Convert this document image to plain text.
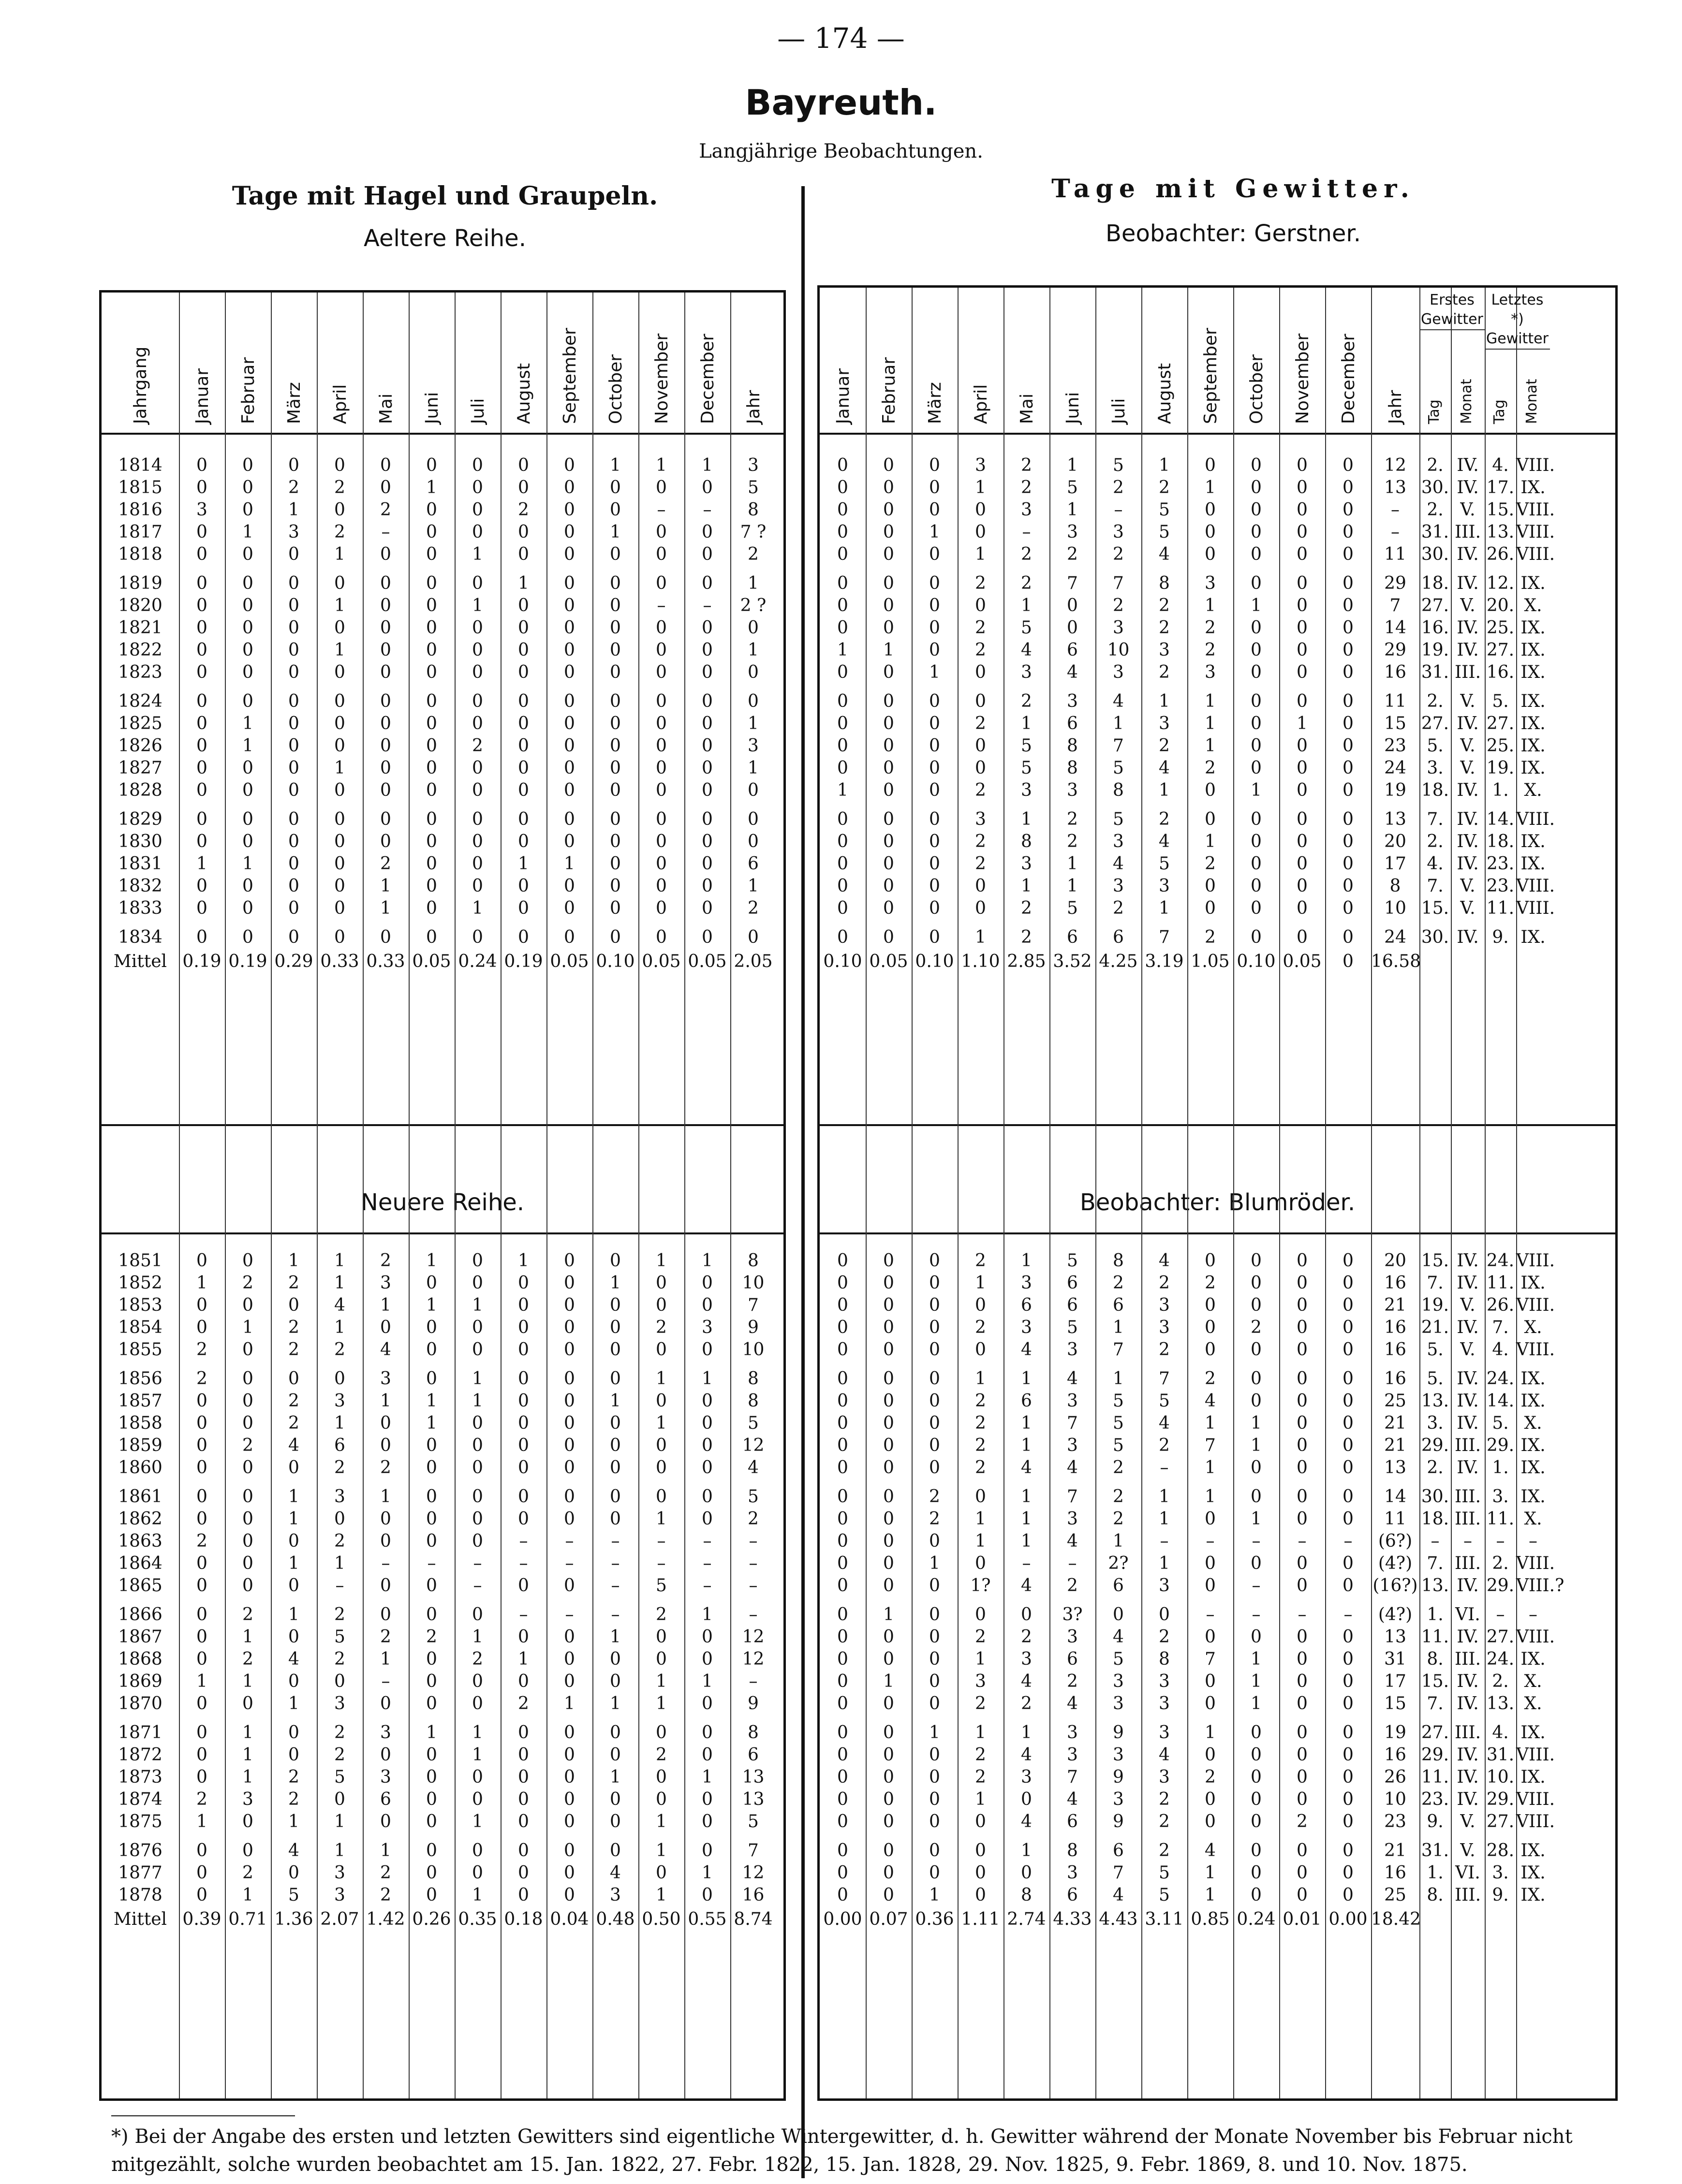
— 174 —
Bayreuth.
Langjährige Beobachtungen.
Tage mit Hagel und Graupeln.
Aeltere Reihe.
Tage mit Gewitter.
Beobachter: Gerstner.
Neuere Reihe.
Jahrgang Januar Februar März April Mai Juni Juli August September October November December Jahr
1814	0	0	0	0	0	0	0	0	0	1	1	1	3
1815	0	0	2	2	0	1	0	0	0	0	0	0	5
1816	3	0	1	0	2	0	0	2	0	0	–	–	8
1817	0	1	3	2	–	0	0	0	0	1	0	0	7 ?
1818	0	0	0	1	0	0	1	0	0	0	0	0	2
1819	0	0	0	0	0	0	0	1	0	0	0	0	1
1820	0	0	0	1	0	0	1	0	0	0	–	–	2 ?
1821	0	0	0	0	0	0	0	0	0	0	0	0	0
1822	0	0	0	1	0	0	0	0	0	0	0	0	1
1823	0	0	0	0	0	0	0	0	0	0	0	0	0
1824	0	0	0	0	0	0	0	0	0	0	0	0	0
1825	0	1	0	0	0	0	0	0	0	0	0	0	1
1826	0	1	0	0	0	0	2	0	0	0	0	0	3
1827	0	0	0	1	0	0	0	0	0	0	0	0	1
1828	0	0	0	0	0	0	0	0	0	0	0	0	0
1829	0	0	0	0	0	0	0	0	0	0	0	0	0
1830	0	0	0	0	0	0	0	0	0	0	0	0	0
1831	1	1	0	0	2	0	0	1	1	0	0	0	6
1832	0	0	0	0	1	0	0	0	0	0	0	0	1
1833	0	0	0	0	1	0	1	0	0	0	0	0	2
1834	0	0	0	0	0	0	0	0	0	0	0	0	0
Mittel 0.19 0.19 0.29 0.33 0.33 0.05 0.24 0.19 0.05 0.10 0.05 0.05 2.05
1851	0	0	1	1	2	1	0	1	0	0	1	1	8
1852	1	2	2	1	3	0	0	0	0	1	0	0	10
1853	0	0	0	4	1	1	1	0	0	0	0	0	7
1854	0	1	2	1	0	0	0	0	0	0	2	3	9
1855	2	0	2	2	4	0	0	0	0	0	0	0	10
1856	2	0	0	0	3	0	1	0	0	0	1	1	8
1857	0	0	2	3	1	1	1	0	0	1	0	0	8
1858	0	0	2	1	0	1	0	0	0	0	1	0	5
1859	0	2	4	6	0	0	0	0	0	0	0	0	12
1860	0	0	0	2	2	0	0	0	0	0	0	0	4
1861	0	0	1	3	1	0	0	0	0	0	0	0	5
1862	0	0	1	0	0	0	0	0	0	0	1	0	2
1863	2	0	0	2	0	0	0	–	–	–	–	–	–
1864	0	0	1	1	–	–	–	–	–	–	–	–	–
1865	0	0	0	–	0	0	–	0	0	–	5	–	–
1866	0	2	1	2	0	0	0	–	–	–	2	1	–
1867	0	1	0	5	2	2	1	0	0	1	0	0	12
1868	0	2	4	2	1	0	2	1	0	0	0	0	12
1869	1	1	0	0	–	0	0	0	0	0	1	1	–
1870	0	0	1	3	0	0	0	2	1	1	1	0	9
1871	0	1	0	2	3	1	1	0	0	0	0	0	8
1872	0	1	0	2	0	0	1	0	0	0	2	0	6
1873	0	1	2	5	3	0	0	0	0	1	0	1	13
1874	2	3	2	0	6	0	0	0	0	0	0	0	13
1875	1	0	1	1	0	0	1	0	0	0	1	0	5
1876	0	0	4	1	1	0	0	0	0	0	1	0	7
1877	0	2	0	3	2	0	0	0	0	4	0	1	12
1878	0	1	5	3	2	0	1	0	0	3	1	0	16
Mittel 0.39 0.71 1.36 2.07 1.42 0.26 0.35 0.18 0.04 0.48 0.50 0.55 8.74
Beobachter: Blumröder.
Januar Februar März April Mai Juni Juli August September October November December Jahr Tag Monat Tag Monat
0	0	0	3	2	1	5	1	0	0	0	0	12	2. IV. 4. VIII.
0	0	0	1	2	5	2	2	1	0	0	0	13 30. IV. 17. IX.
0	0	0	0	3	1	–	5	0	0	0	0	–	2. V. 15. VIII.
0	0	1	0	–	3	3	5	0	0	0	0	–	31. III. 13. VIII.
0	0	0	1	2	2	2	4	0	0	0	0	11 30. IV. 26. VIII.
0	0	0	2	2	7	7	8	3	0	0	0	29 18. IV. 12. IX.
0	0	0	0	1	0	2	2	1	1	0	0	7	27. V. 20. X.
0	0	0	2	5	0	3	2	2	0	0	0	14 16. IV. 25. IX.
1	1	0	2	4	6	10	3	2	0	0	0	29 19. IV. 27. IX.
0	0	1	0	3	4	3	2	3	0	0	0	16 31. III. 16. IX.
0	0	0	0	2	3	4	1	1	0	0	0	11	2. V. 5. IX.
0	0	0	2	1	6	1	3	1	0	1	0	15 27. IV. 27. IX.
0	0	0	0	5	8	7	2	1	0	0	0	23	5. V. 25. IX.
0	0	0	0	5	8	5	4	2	0	0	0	24	3. V. 19. IX.
1	0	0	2	3	3	8	1	0	1	0	0	19 18. IV. 1. X.
0	0	0	3	1	2	5	2	0	0	0	0	13	7. IV. 14. VIII.
0	0	0	2	8	2	3	4	1	0	0	0	20	2. IV. 18. IX.
0	0	0	2	3	1	4	5	2	0	0	0	17	4. IV. 23. IX.
0	0	0	0	1	1	3	3	0	0	0	0	8	7. V. 23. VIII.
0	0	0	0	2	5	2	1	0	0	0	0	10 15. V. 11. VIII.
0	0	0	1	2	6	6	7	2	0	0	0	24 30. IV. 9. IX.
0.10 0.05 0.10 1.10 2.85 3.52 4.25 3.19 1.05 0.10 0.05	0	16.58
0	0	0	2	1	5	8	4	0	0	0	0	20 15. IV. 24. VIII.
0	0	0	1	3	6	2	2	2	0	0	0	16	7. IV. 11. IX.
0	0	0	0	6	6	6	3	0	0	0	0	21 19. V. 26. VIII.
0	0	0	2	3	5	1	3	0	2	0	0	16 21. IV. 7. X.
0	0	0	0	4	3	7	2	0	0	0	0	16	5. V. 4. VIII.
0	0	0	1	1	4	1	7	2	0	0	0	16	5. IV. 24. IX.
0	0	0	2	6	3	5	5	4	0	0	0	25 13. IV. 14. IX.
0	0	0	2	1	7	5	4	1	1	0	0	21	3. IV. 5. X.
0	0	0	2	1	3	5	2	7	1	0	0	21 29. III. 29. IX.
0	0	0	2	4	4	2	–	1	0	0	0	13	2. IV. 1. IX.
0	0	2	0	1	7	2	1	1	0	0	0	14 30. III. 3. IX.
0	0	2	1	1	3	2	1	0	1	0	0	11 18. III. 11. X.
0	0	0	1	1	4	1	–	–	–	–	–	(6?)	–	–	–	–
0	0	1	0	–	–	2?	1	0	0	0	0	(4?) 7. III. 2. VIII.
0	0	0	1?	4	2	6	3	0	–	0	0	(16?) 13. IV. 29. VIII.?
0	1	0	0	0	3?	0	0	–	–	–	–	(4?) 1. VI. –	–
0	0	0	2	2	3	4	2	0	0	0	0	13 11. IV. 27. VIII.
0	0	0	1	3	6	5	8	7	1	0	0	31	8. III. 24. IX.
0	1	0	3	4	2	3	3	0	1	0	0	17 15. IV. 2. X.
0	0	0	2	2	4	3	3	0	1	0	0	15	7. IV. 13. X.
0	0	1	1	1	3	9	3	1	0	0	0	19 27. III. 4. IX.
0	0	0	2	4	3	3	4	0	0	0	0	16 29. IV. 31. VIII.
0	0	0	2	3	7	9	3	2	0	0	0	26 11. IV. 10. IX.
0	0	0	1	0	4	3	2	0	0	0	0	10 23. IV. 29. VIII.
0	0	0	0	4	6	9	2	0	0	2	0	23	9. V. 27. VIII.
0	0	0	0	1	8	6	2	4	0	0	0	21 31. V. 28. IX.
0	0	0	0	0	3	7	5	1	0	0	0	16	1. VI. 3. IX.
0	0	1	0	8	6	4	5	1	0	0	0	25	8. III. 9. IX.
0.00 0.07 0.36 1.11 2.74 4.33 4.43 3.11 0.85 0.24 0.01 0.00 18.42
Erstes Gewitter
Letztes *) Gewitter
*) Bei der Angabe des ersten und letzten Gewitters sind eigentliche Wintergewitter, d. h. Gewitter während der Monate November bis Februar nicht mitgezählt, solche wurden beobachtet am 15. Jan. 1822, 27. Febr. 1822, 15. Jan. 1828, 29. Nov. 1825, 9. Febr. 1869, 8. und 10. Nov. 1875.
